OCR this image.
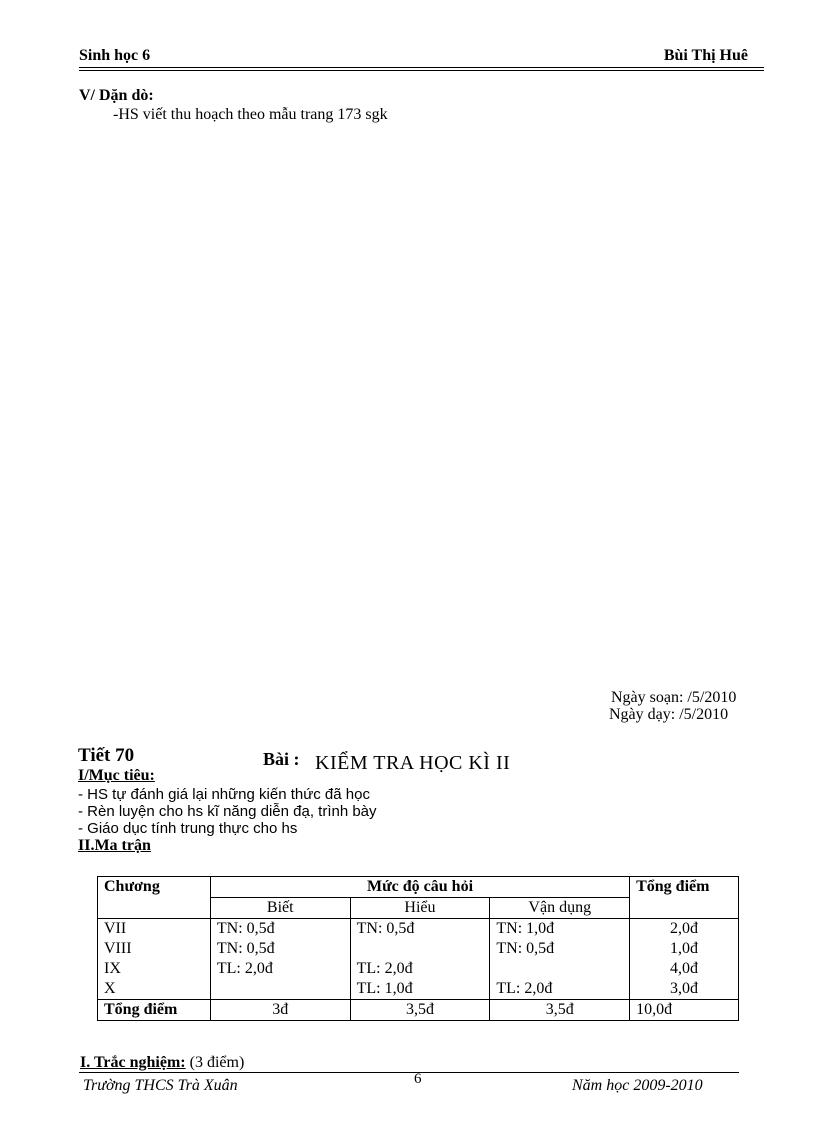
Sinh học 6	Bùi Thị Huê
V/ Dặn dò:
-HS viết thu hoạch theo mẫu trang 173 sgk
Ngày soạn: /5/2010
Ngày dạy: /5/2010
Tiết 70	Bài : KIỂM TRA HỌC KÌ II
I/Mục tiêu:
- HS tự đánh giá lại những kiến thức đã học
- Rèn luyện cho hs kĩ năng diễn đạ, trình bày
- Giáo dục tính trung thực cho hs
II.Ma trận
Chương	Mức độ câu hỏi			Tổng điểm
	Biết	Hiểu	Vận dụng	
VII	TN: 0,5đ	TN: 0,5đ	TN: 1,0đ	2,0đ
VIII	TN: 0,5đ		TN: 0,5đ	1,0đ
IX	TL: 2,0đ	TL: 2,0đ		4,0đ
X		TL: 1,0đ	TL: 2,0đ	3,0đ
Tổng điểm	3đ	3,5đ	3,5đ	10,0đ
I. Trắc nghiệm: (3 điểm)
Trường THCS Trà Xuân	6	Năm học 2009-2010
